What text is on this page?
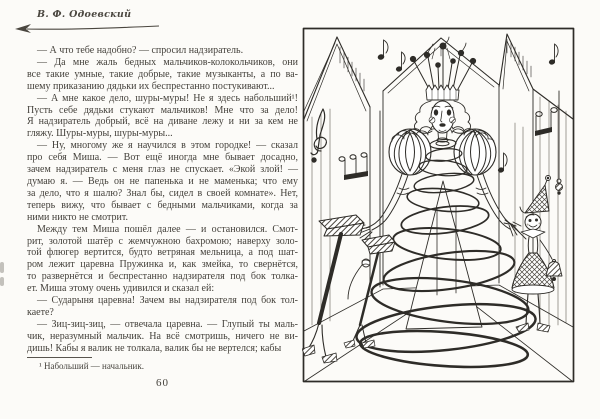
В. Ф. Одоевский
— А что тебе надобно? — спросил надзиратель.
— Да мне жаль бедных мальчиков-колокольчиков, они
все такие умные, такие добрые, такие музыканты, а по ва-
шему приказанию дядьки их беспрестанно постукивают...
— А мне какое дело, шуры-муры! Не я здесь набольший¹!
Пусть себе дядьки стукают мальчиков! Мне что за дело!
Я надзиратель добрый, всё на диване лежу и ни за кем не
гляжу. Шуры-муры, шуры-муры...
— Ну, многому же я научился в этом городке! — сказал
про себя Миша. — Вот ещё иногда мне бывает досадно,
зачем надзиратель с меня глаз не спускает. «Экой злой! —
думаю я. — Ведь он не папенька и не маменька; что ему
за дело, что я шалю? Знал бы, сидел в своей комнате». Нет,
теперь вижу, что бывает с бедными мальчиками, когда за
ними никто не смотрит.
Между тем Миша пошёл далее — и остановился. Смот-
рит, золотой шатёр с жемчужною бахромою; наверху золо-
той флюгер вертится, будто ветряная мельница, а под шат-
ром лежит царевна Пружинка и, как змейка, то свернётся,
то развернётся и беспрестанно надзирателя под бок толка-
ет. Миша этому очень удивился и сказал ей:
— Сударыня царевна! Зачем вы надзирателя под бок тол-
каете?
— Зиц-зиц-зиц, — отвечала царевна. — Глупый ты маль-
чик, неразумный мальчик. На всё смотришь, ничего не ви-
дишь! Кабы я валик не толкала, валик бы не вертелся; кабы
¹ Набольший — начальник.
60
